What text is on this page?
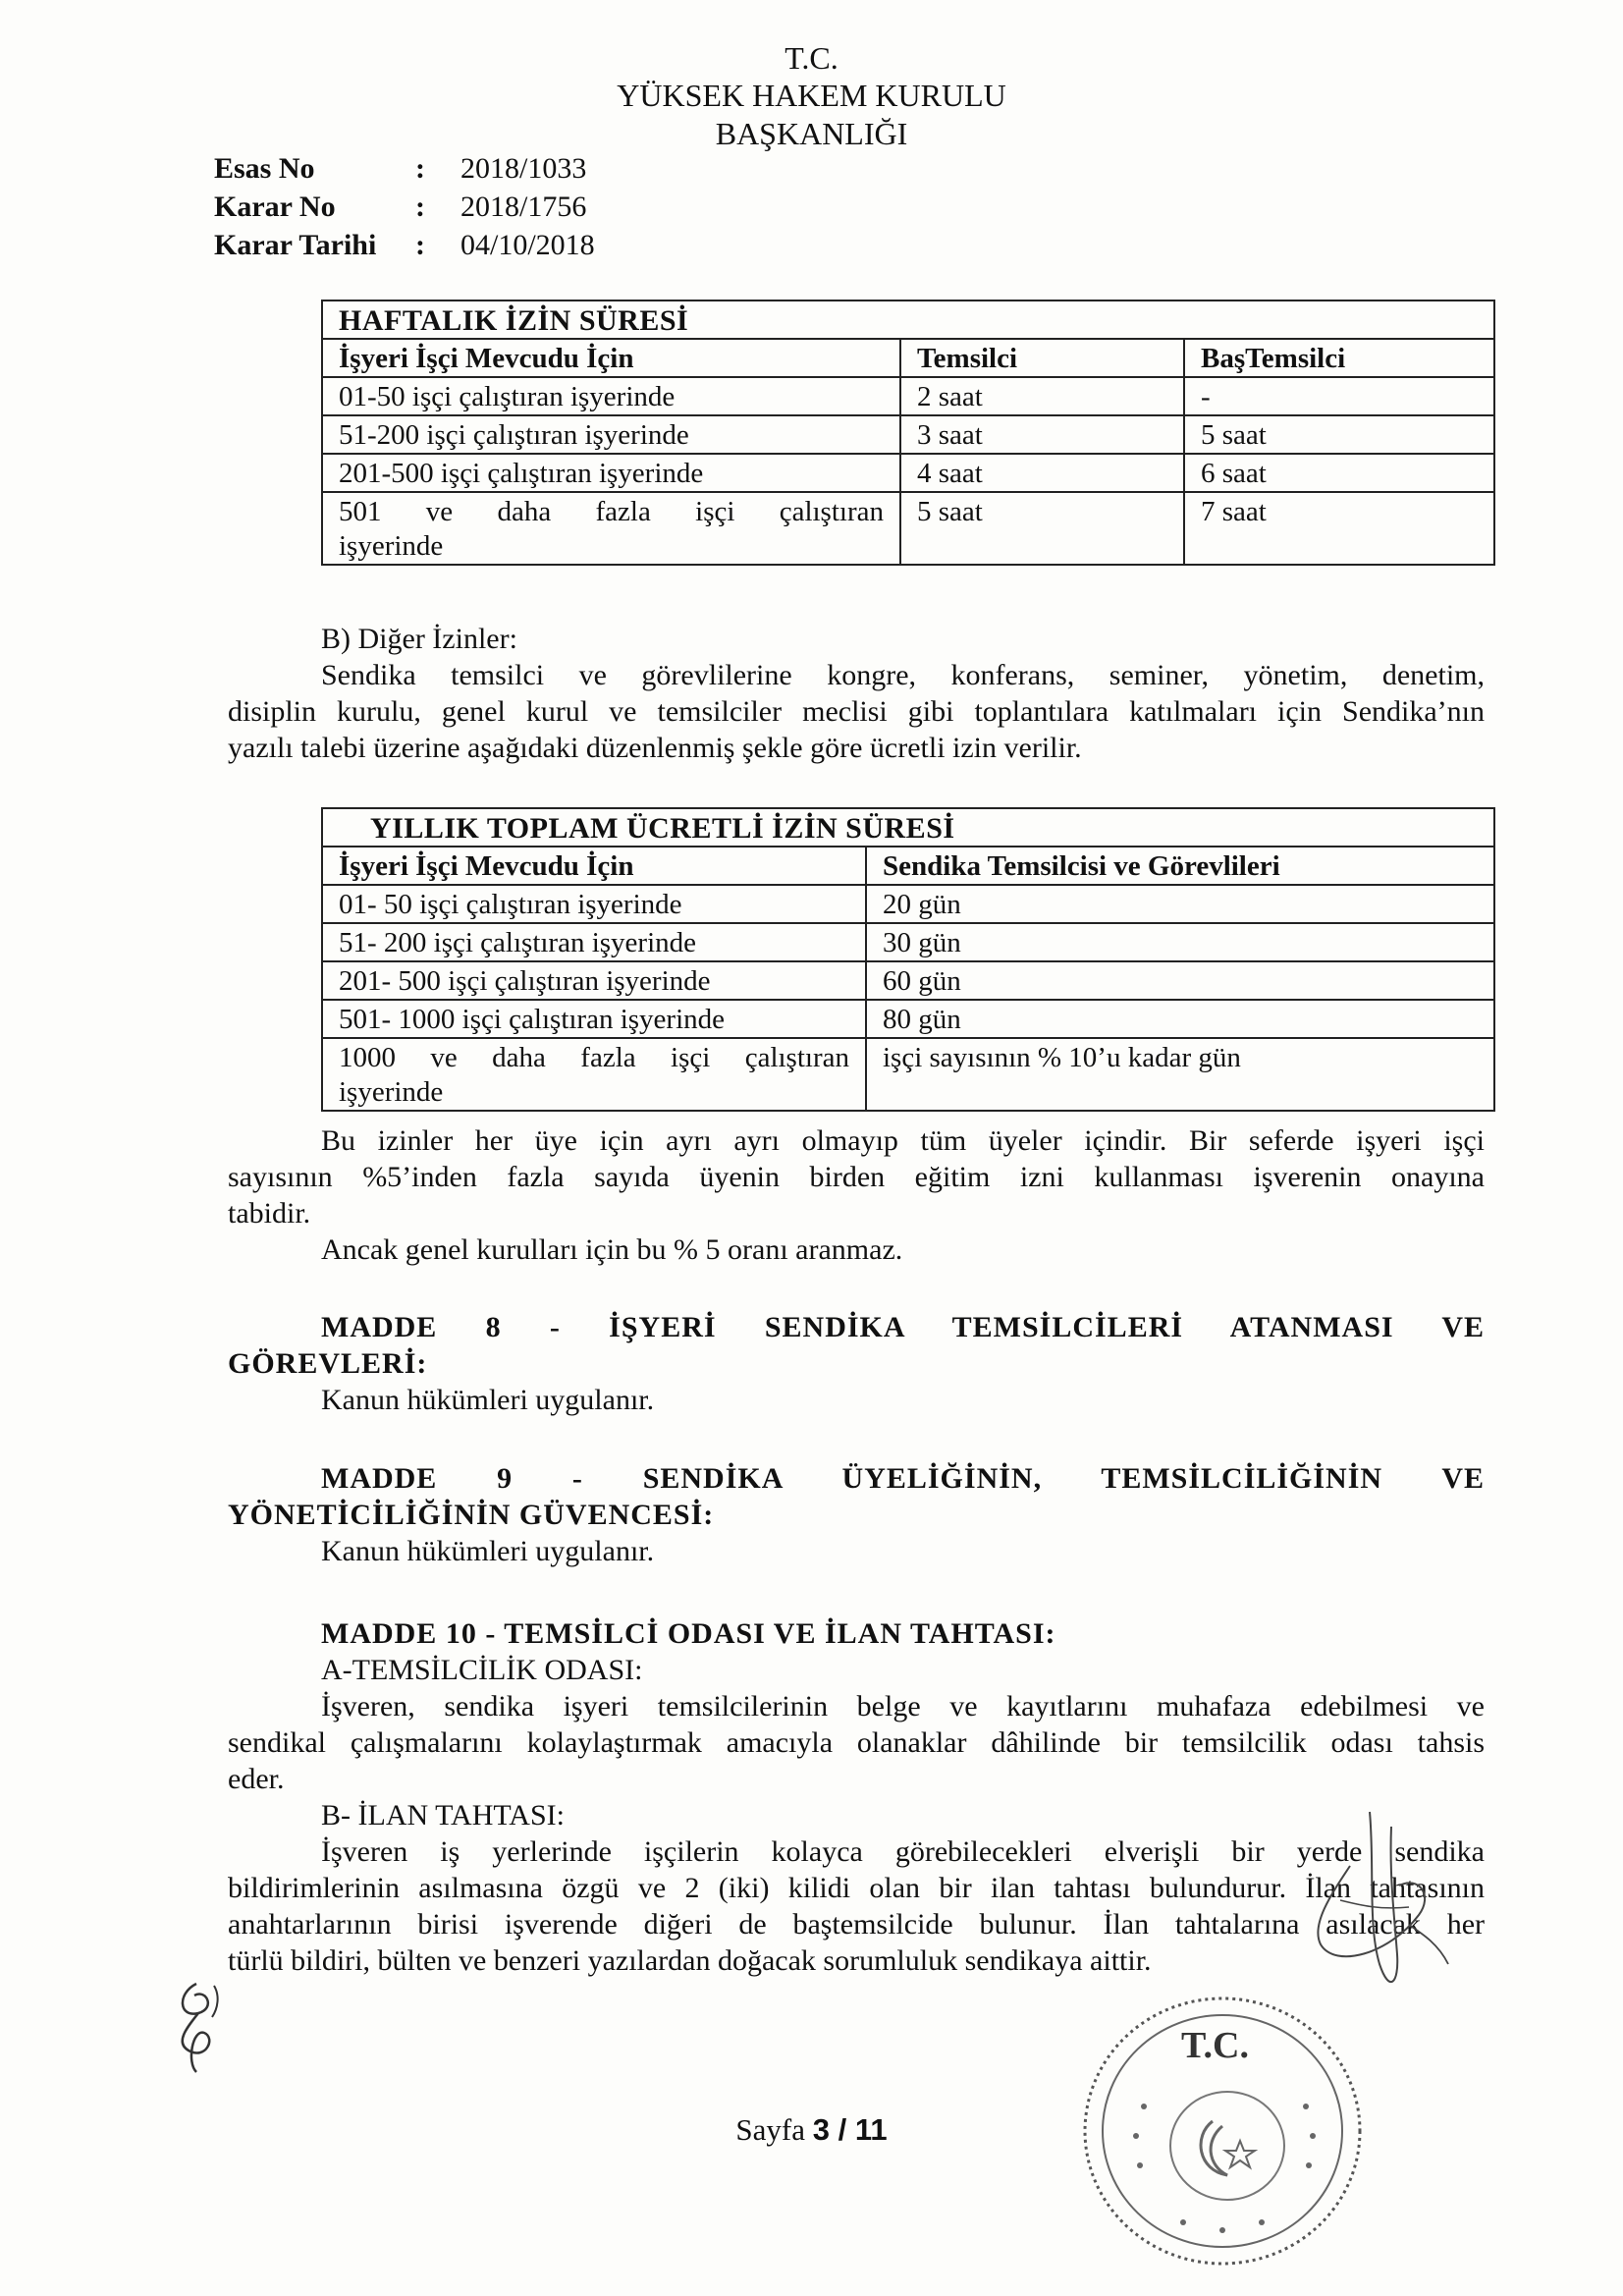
T.C.
YÜKSEK HAKEM KURULU
BAŞKANLIĞI
Esas No	:	2018/1033
Karar No	:	2018/1756
Karar Tarihi	:	04/10/2018
HAFTALIK İZİN SÜRESİ		
İşyeri İşçi Mevcudu İçin	Temsilci	BaşTemsilci
01-50 işçi çalıştıran işyerinde	2 saat	-
51-200 işçi çalıştıran işyerinde	3 saat	5 saat
201-500 işçi çalıştıran işyerinde	4 saat	6 saat

501 ve daha fazla işçi çalıştıran
işyerinde	5 saat	7 saat
B) Diğer İzinler:
Sendika temsilci ve görevlilerine kongre, konferans, seminer, yönetim, denetim,
disiplin kurulu, genel kurul ve temsilciler meclisi gibi toplantılara katılmaları için Sendika’nın
yazılı talebi üzerine aşağıdaki düzenlenmiş şekle göre ücretli izin verilir.
YILLIK TOPLAM ÜCRETLİ İZİN SÜRESİ	
İşyeri İşçi Mevcudu İçin	Sendika Temsilcisi ve Görevlileri
01- 50 işçi çalıştıran işyerinde	20 gün
51- 200 işçi çalıştıran işyerinde	30 gün
201- 500 işçi çalıştıran işyerinde	60 gün
501- 1000 işçi çalıştıran işyerinde	80 gün

1000 ve daha fazla işçi çalıştıran
işyerinde	işçi sayısının % 10’u kadar gün
Bu izinler her üye için ayrı ayrı olmayıp tüm üyeler içindir. Bir seferde işyeri işçi
sayısının %5’inden fazla sayıda üyenin birden eğitim izni kullanması işverenin onayına
tabidir.
Ancak genel kurulları için bu % 5 oranı aranmaz.
MADDE 8 - İŞYERİ SENDİKA TEMSİLCİLERİ ATANMASI VE
GÖREVLERİ:
Kanun hükümleri uygulanır.
MADDE 9 - SENDİKA ÜYELİĞİNİN, TEMSİLCİLİĞİNİN VE
YÖNETİCİLİĞİNİN GÜVENCESİ:
Kanun hükümleri uygulanır.
MADDE 10 - TEMSİLCİ ODASI VE İLAN TAHTASI:
A-TEMSİLCİLİK ODASI:
İşveren, sendika işyeri temsilcilerinin belge ve kayıtlarını muhafaza edebilmesi ve
sendikal çalışmalarını kolaylaştırmak amacıyla olanaklar dâhilinde bir temsilcilik odası tahsis
eder.
B- İLAN TAHTASI:
İşveren iş yerlerinde işçilerin kolayca görebilecekleri elverişli bir yerde sendika
bildirimlerinin asılmasına özgü ve 2 (iki) kilidi olan bir ilan tahtası bulundurur. İlan tahtasının
anahtarlarının birisi işverende diğeri de baştemsilcide bulunur. İlan tahtalarına asılacak her
türlü bildiri, bülten ve benzeri yazılardan doğacak sorumluluk sendikaya aittir.
Sayfa 3 / 11
T.C.
